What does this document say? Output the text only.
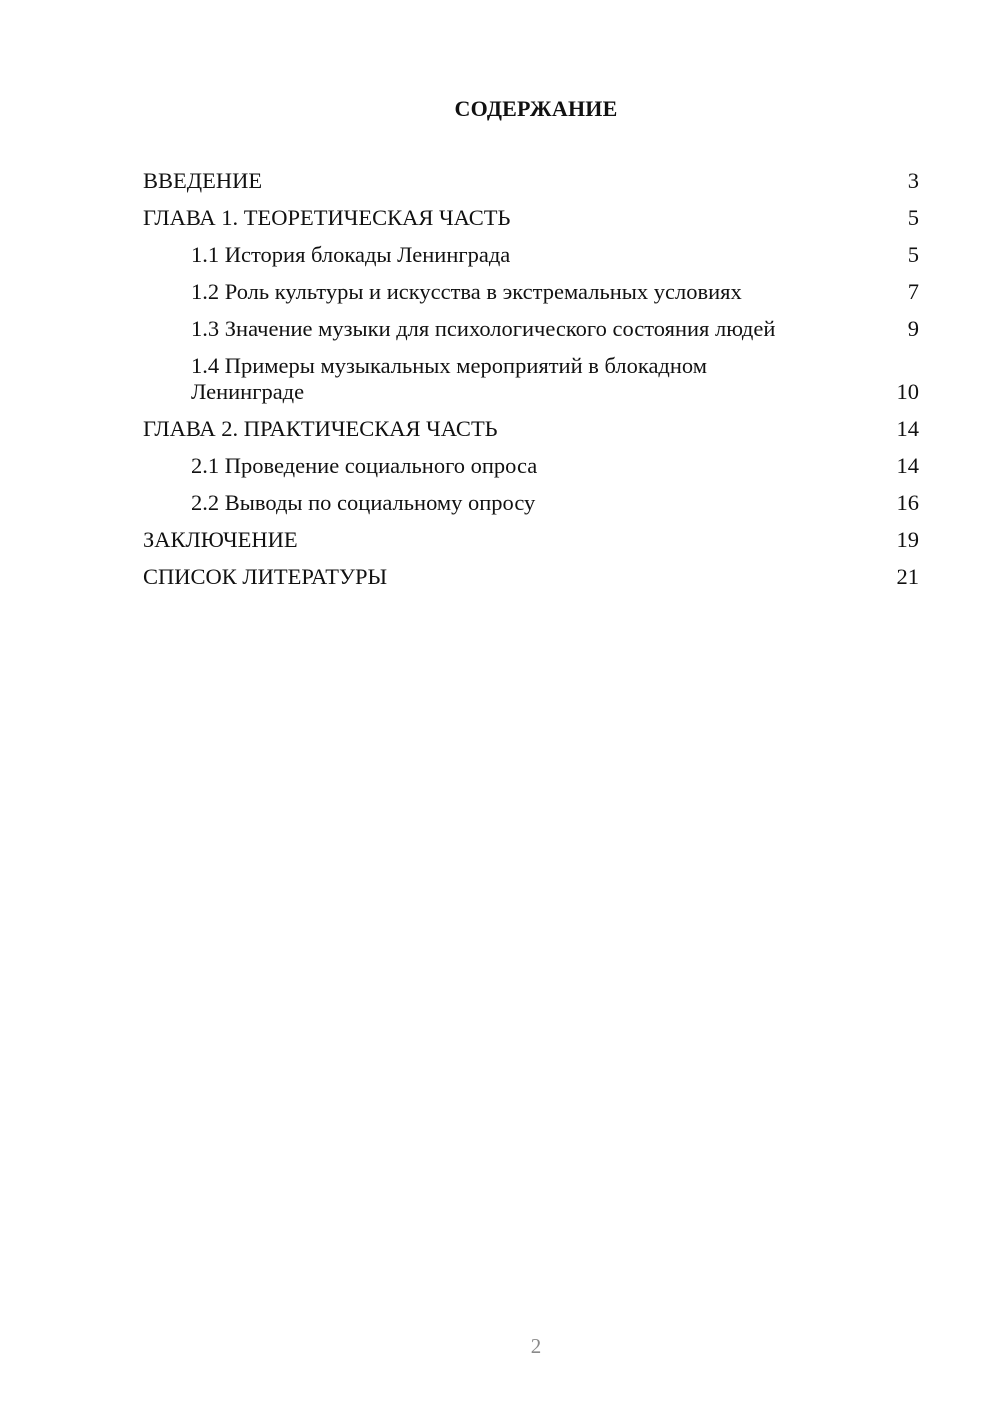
СОДЕРЖАНИЕ
ВВЕДЕНИЕ	3
ГЛАВА 1. ТЕОРЕТИЧЕСКАЯ ЧАСТЬ	5
1.1 История блокады Ленинграда	5
1.2 Роль культуры и искусства в экстремальных условиях	7
1.3 Значение музыки для психологического состояния людей	9
1.4 Примеры музыкальных мероприятий в блокадном Ленинграде	10
ГЛАВА 2. ПРАКТИЧЕСКАЯ ЧАСТЬ	14
2.1 Проведение социального опроса	14
2.2 Выводы по социальному опросу	16
ЗАКЛЮЧЕНИЕ	19
СПИСОК ЛИТЕРАТУРЫ	21
2
